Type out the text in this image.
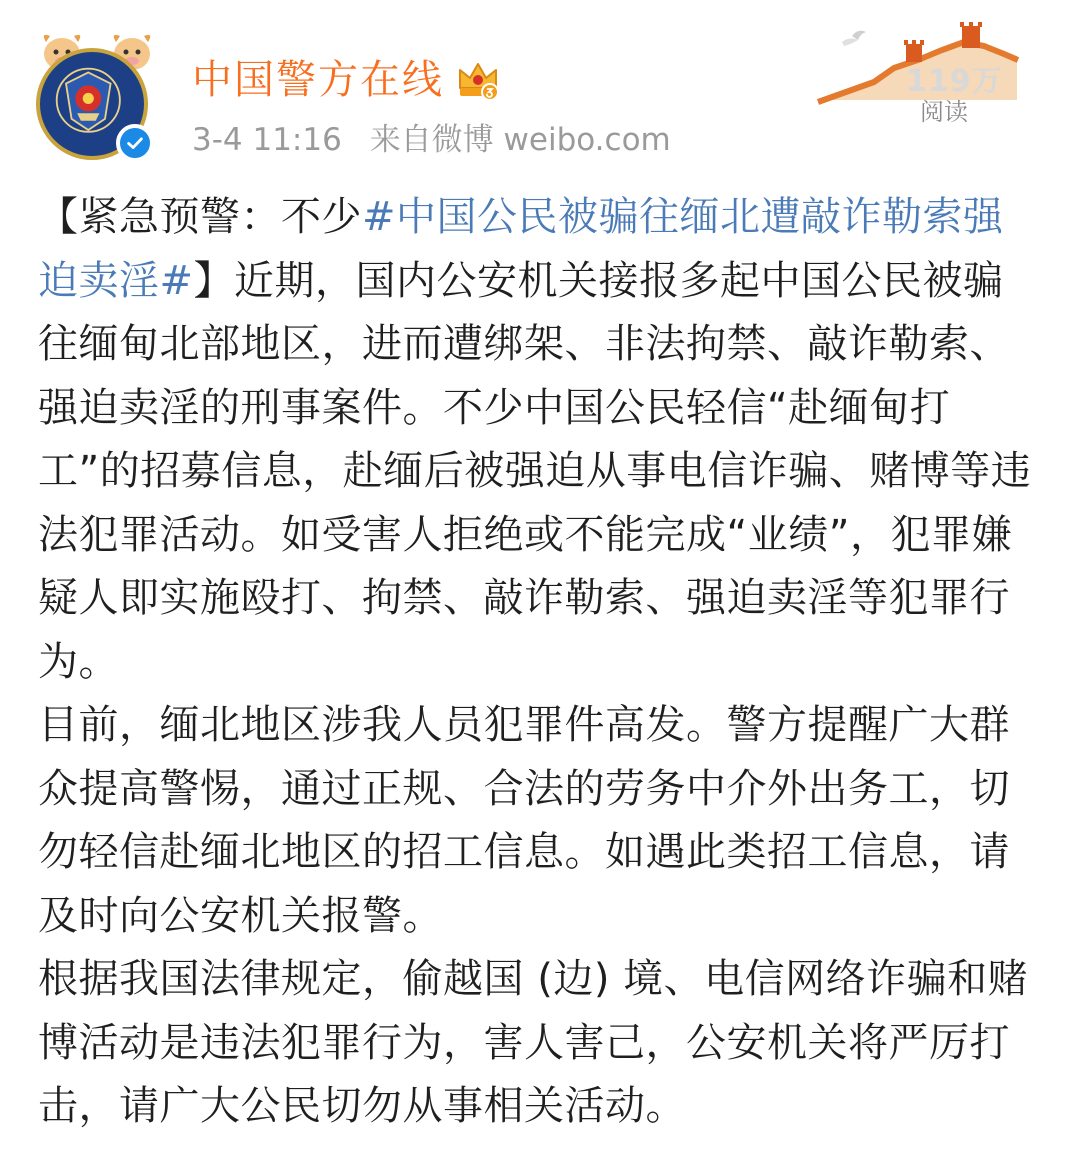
中国警方在线
3-4 11:16 来自微博 weibo.com
119万
阅读

【紧急预警：不少#中国公民被骗往缅北遭敲诈勒索强迫卖淫#】近期，国内公安机关接报多起中国公民被骗往缅甸北部地区，进而遭绑架、非法拘禁、敲诈勒索、强迫卖淫的刑事案件。不少中国公民轻信“赴缅甸打工”的招募信息，赴缅后被强迫从事电信诈骗、赌博等违法犯罪活动。如受害人拒绝或不能完成“业绩”，犯罪嫌疑人即实施殴打、拘禁、敲诈勒索、强迫卖淫等犯罪行为。

目前，缅北地区涉我人员犯罪件高发。警方提醒广大群众提高警惕，通过正规、合法的劳务中介外出务工，切勿轻信赴缅北地区的招工信息。如遇此类招工信息，请及时向公安机关报警。

根据我国法律规定，偷越国 (边) 境、电信网络诈骗和赌博活动是违法犯罪行为，害人害己，公安机关将严厉打击，请广大公民切勿从事相关活动。
